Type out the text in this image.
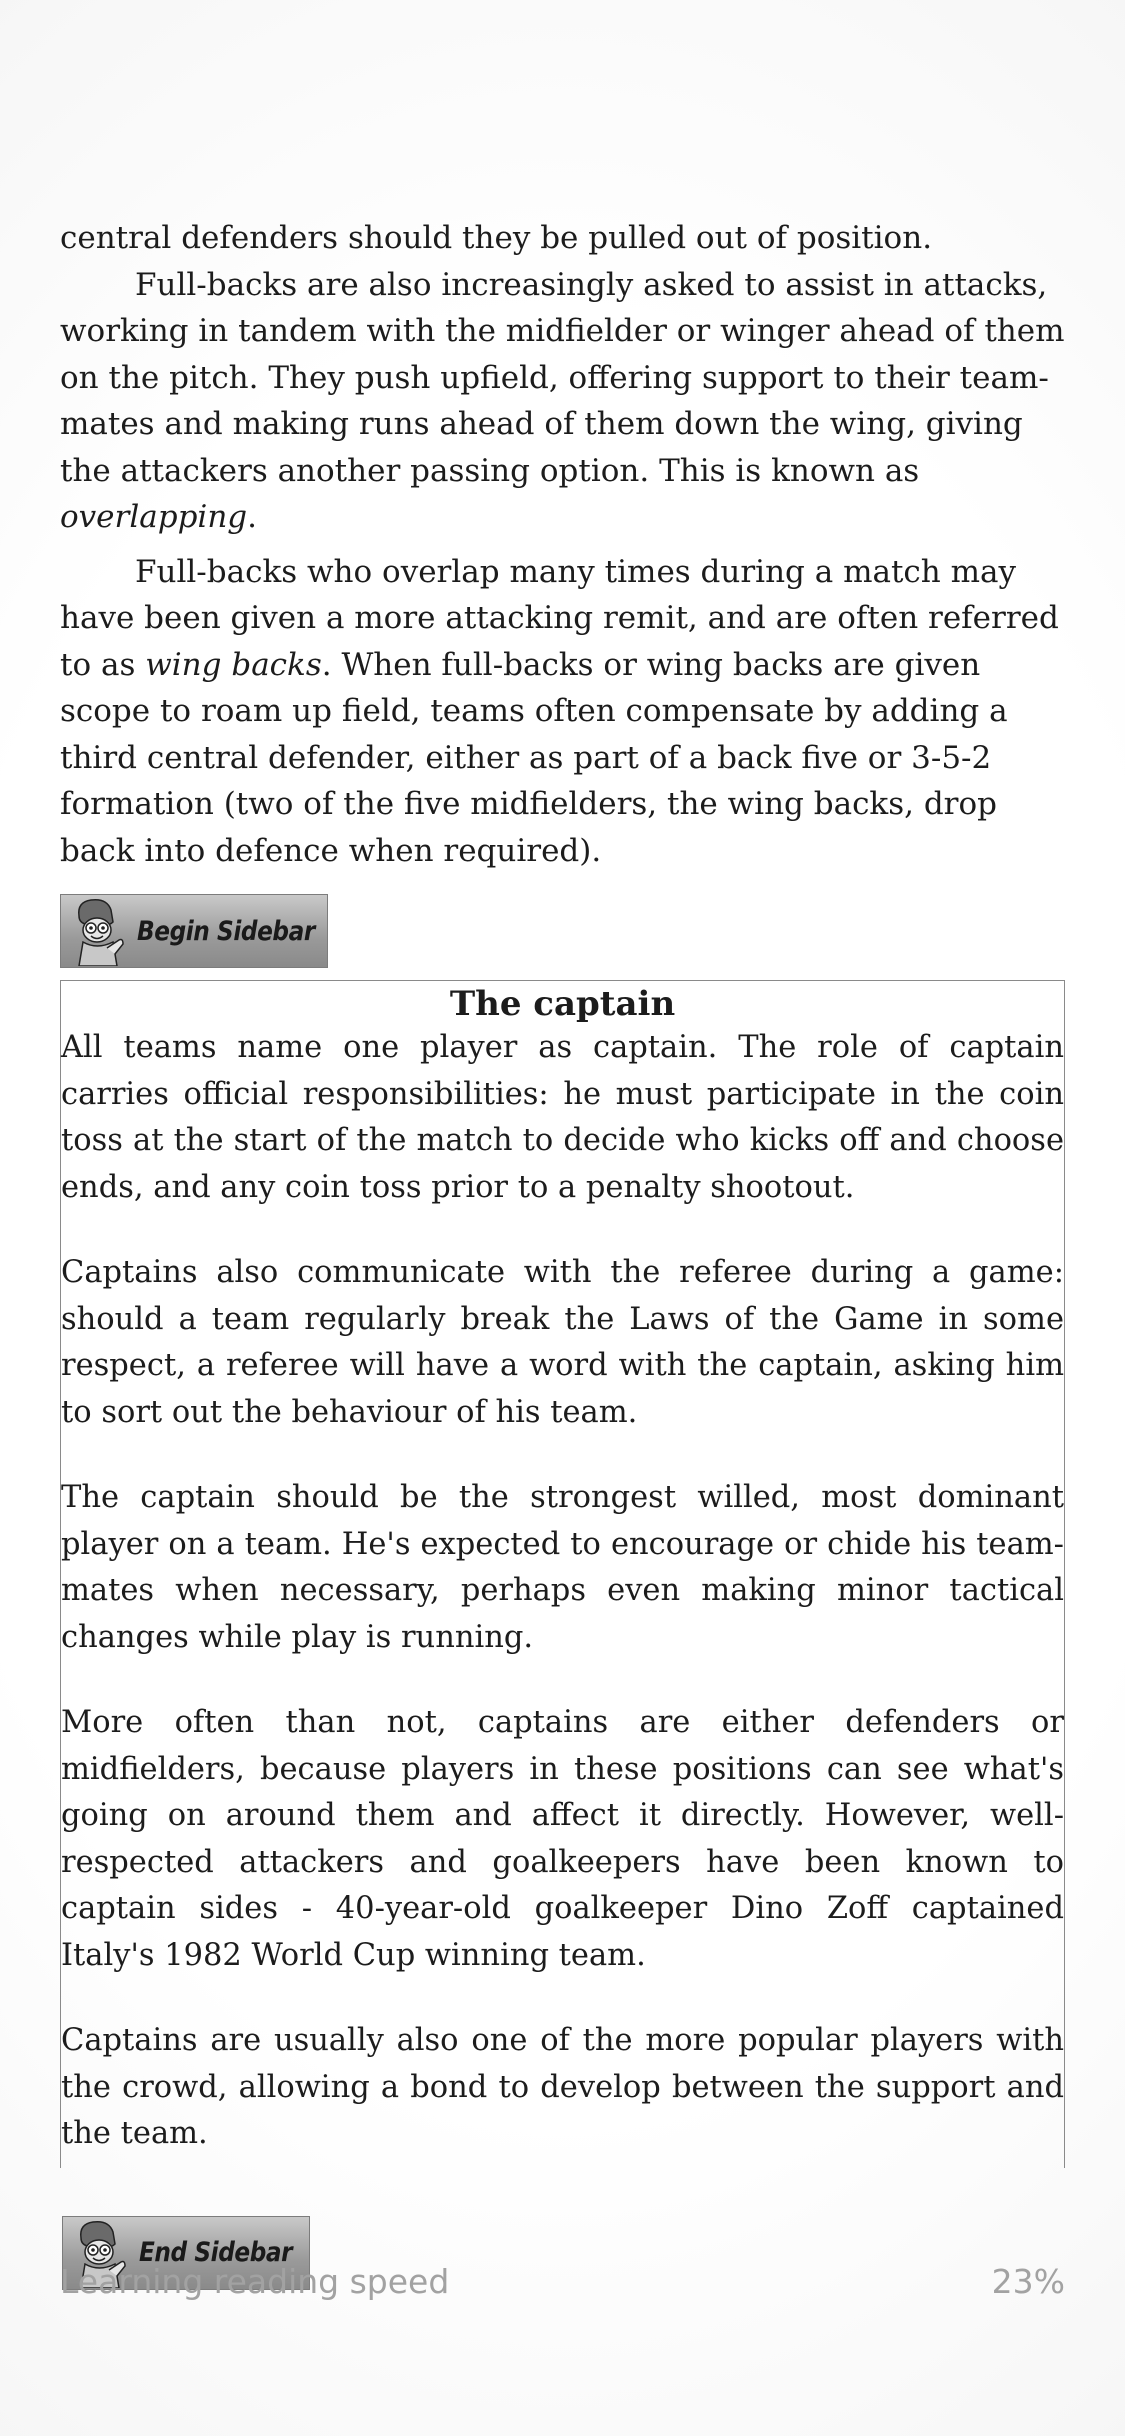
central defenders should they be pulled out of position.

Full-backs are also increasingly asked to assist in attacks, working in tandem with the midfielder or winger ahead of them on the pitch. They push upfield, offering support to their team-mates and making runs ahead of them down the wing, giving the attackers another passing option. This is known as overlapping.

Full-backs who overlap many times during a match may have been given a more attacking remit, and are often referred to as wing backs. When full-backs or wing backs are given scope to roam up field, teams often compensate by adding a third central defender, either as part of a back five or 3-5-2 formation (two of the five midfielders, the wing backs, drop back into defence when required).

Begin Sidebar

The captain

All teams name one player as captain. The role of captain carries official responsibilities: he must participate in the coin toss at the start of the match to decide who kicks off and choose ends, and any coin toss prior to a penalty shootout.

Captains also communicate with the referee during a game: should a team regularly break the Laws of the Game in some respect, a referee will have a word with the captain, asking him to sort out the behaviour of his team.

The captain should be the strongest willed, most dominant player on a team. He's expected to encourage or chide his team-mates when necessary, perhaps even making minor tactical changes while play is running.

More often than not, captains are either defenders or midfielders, because players in these positions can see what's going on around them and affect it directly. However, well-respected attackers and goalkeepers have been known to captain sides - 40-year-old goalkeeper Dino Zoff captained Italy's 1982 World Cup winning team.

Captains are usually also one of the more popular players with the crowd, allowing a bond to develop between the support and the team.

End Sidebar
Learning reading speed	23%
